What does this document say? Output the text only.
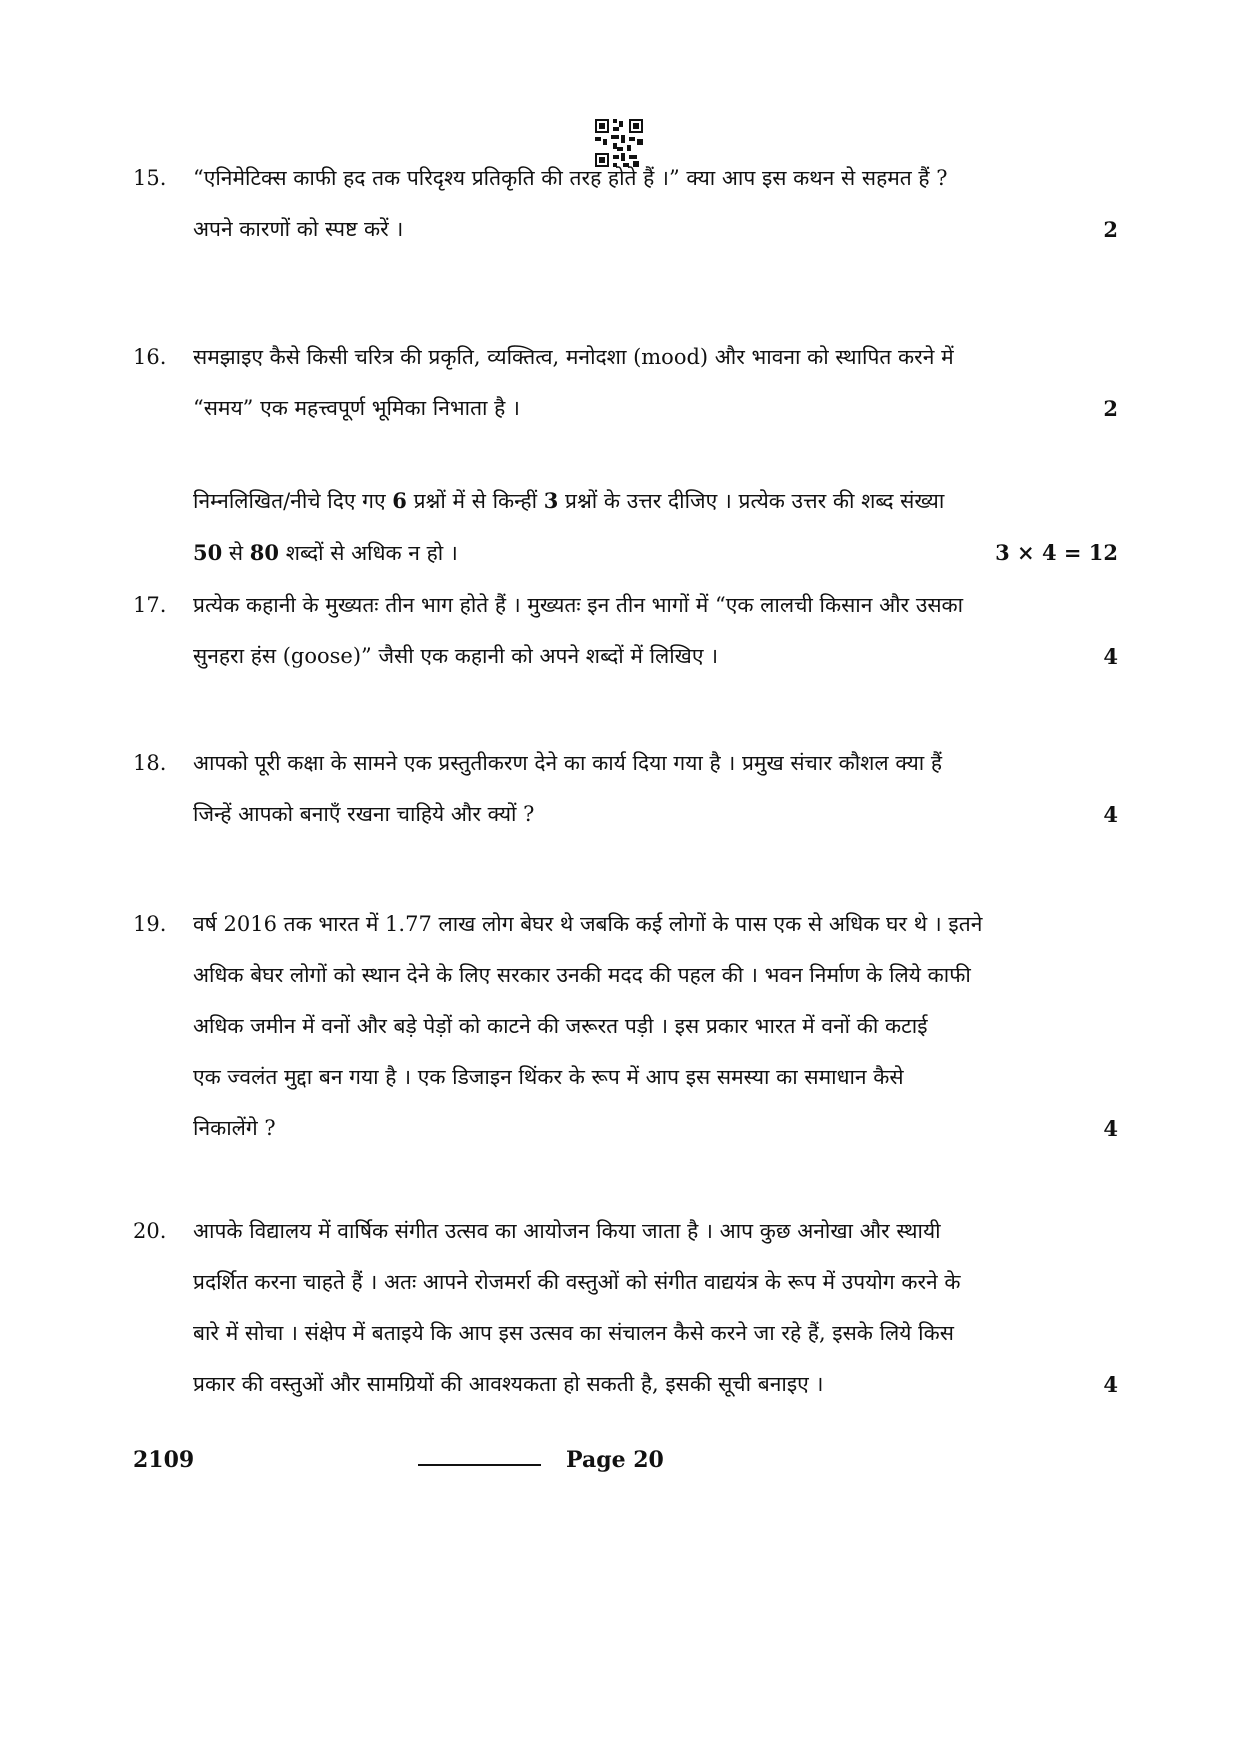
15. “एनिमेटिक्स काफी हद तक परिदृश्य प्रतिकृति की तरह होते हैं ।” क्या आप इस कथन से सहमत हैं ?
अपने कारणों को स्पष्ट करें ।	2
16. समझाइए कैसे किसी चरित्र की प्रकृति, व्यक्तित्व, मनोदशा (mood) और भावना को स्थापित करने में
“समय” एक महत्त्वपूर्ण भूमिका निभाता है ।	2
निम्नलिखित/नीचे दिए गए 6 प्रश्नों में से किन्हीं 3 प्रश्नों के उत्तर दीजिए । प्रत्येक उत्तर की शब्द संख्या
50 से 80 शब्दों से अधिक न हो ।	3 × 4 = 12
17. प्रत्येक कहानी के मुख्यतः तीन भाग होते हैं । मुख्यतः इन तीन भागों में “एक लालची किसान और उसका
सुनहरा हंस (goose)” जैसी एक कहानी को अपने शब्दों में लिखिए ।	4
18. आपको पूरी कक्षा के सामने एक प्रस्तुतीकरण देने का कार्य दिया गया है । प्रमुख संचार कौशल क्या हैं
जिन्हें आपको बनाएँ रखना चाहिये और क्यों ?	4
19. वर्ष 2016 तक भारत में 1.77 लाख लोग बेघर थे जबकि कई लोगों के पास एक से अधिक घर थे । इतने
अधिक बेघर लोगों को स्थान देने के लिए सरकार उनकी मदद की पहल की । भवन निर्माण के लिये काफी
अधिक जमीन में वनों और बड़े पेड़ों को काटने की जरूरत पड़ी । इस प्रकार भारत में वनों की कटाई
एक ज्वलंत मुद्दा बन गया है । एक डिजाइन थिंकर के रूप में आप इस समस्या का समाधान कैसे
निकालेंगे ?	4
20. आपके विद्यालय में वार्षिक संगीत उत्सव का आयोजन किया जाता है । आप कुछ अनोखा और स्थायी
प्रदर्शित करना चाहते हैं । अतः आपने रोजमर्रा की वस्तुओं को संगीत वाद्ययंत्र के रूप में उपयोग करने के
बारे में सोचा । संक्षेप में बताइये कि आप इस उत्सव का संचालन कैसे करने जा रहे हैं, इसके लिये किस
प्रकार की वस्तुओं और सामग्रियों की आवश्यकता हो सकती है, इसकी सूची बनाइए ।	4
2109	Page 20
